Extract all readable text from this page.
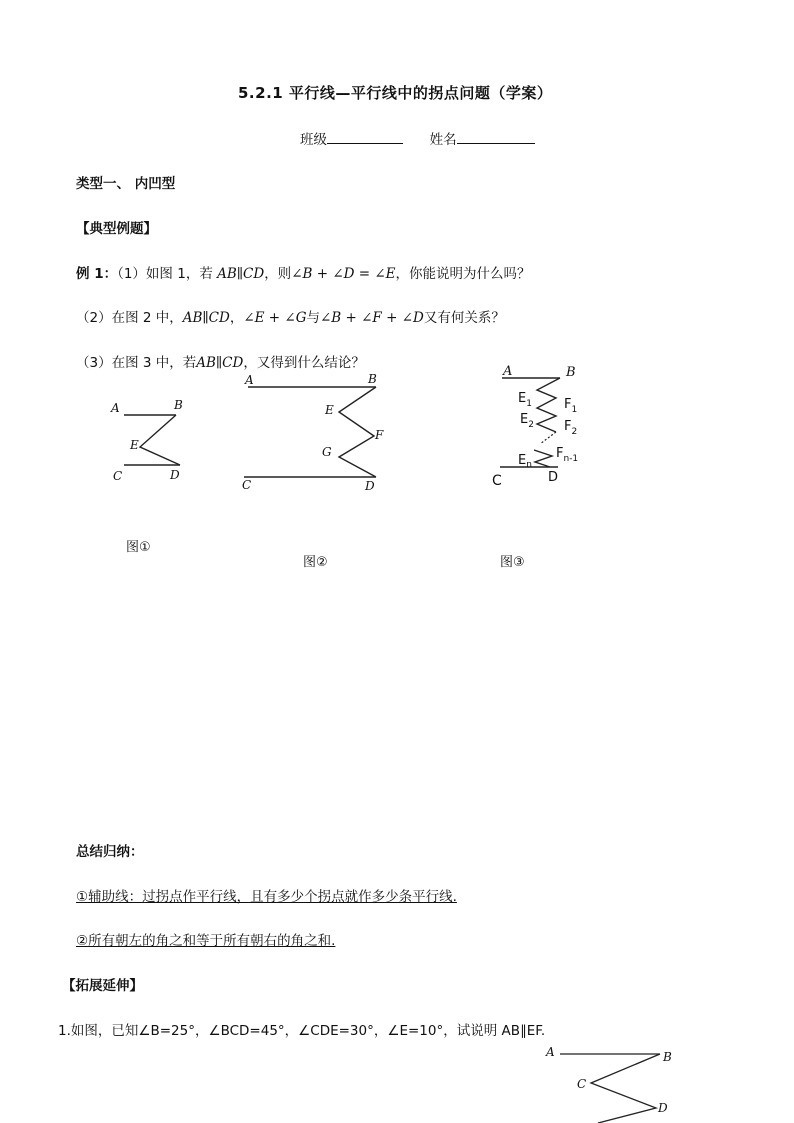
5.2.1 平行线—平行线中的拐点问题（学案）
班级	姓名
类型一、 内凹型
【典型例题】
例 1：（1）如图 1，若 AB∥CD，则∠B + ∠D = ∠E，你能说明为什么吗？
（2）在图 2 中，AB∥CD，∠E + ∠G与∠B + ∠F + ∠D又有何关系？
（3）在图 3 中，若AB∥CD，又得到什么结论？
A	B
E
C	D
图①
A	B
E
F
G
C	D
图②
A	B
$E_1$ $F_1$
$E_2$ $F_2$
$E_n$
$F_{n-1}$
C	D
图③
总结归纳：
①辅助线：过拐点作平行线，且有多少个拐点就作多少条平行线.
②所有朝左的角之和等于所有朝右的角之和.
【拓展延伸】
1.如图，已知∠B=25°，∠BCD=45°，∠CDE=30°，∠E=10°，试说明 AB∥EF.
A	B
C
D
